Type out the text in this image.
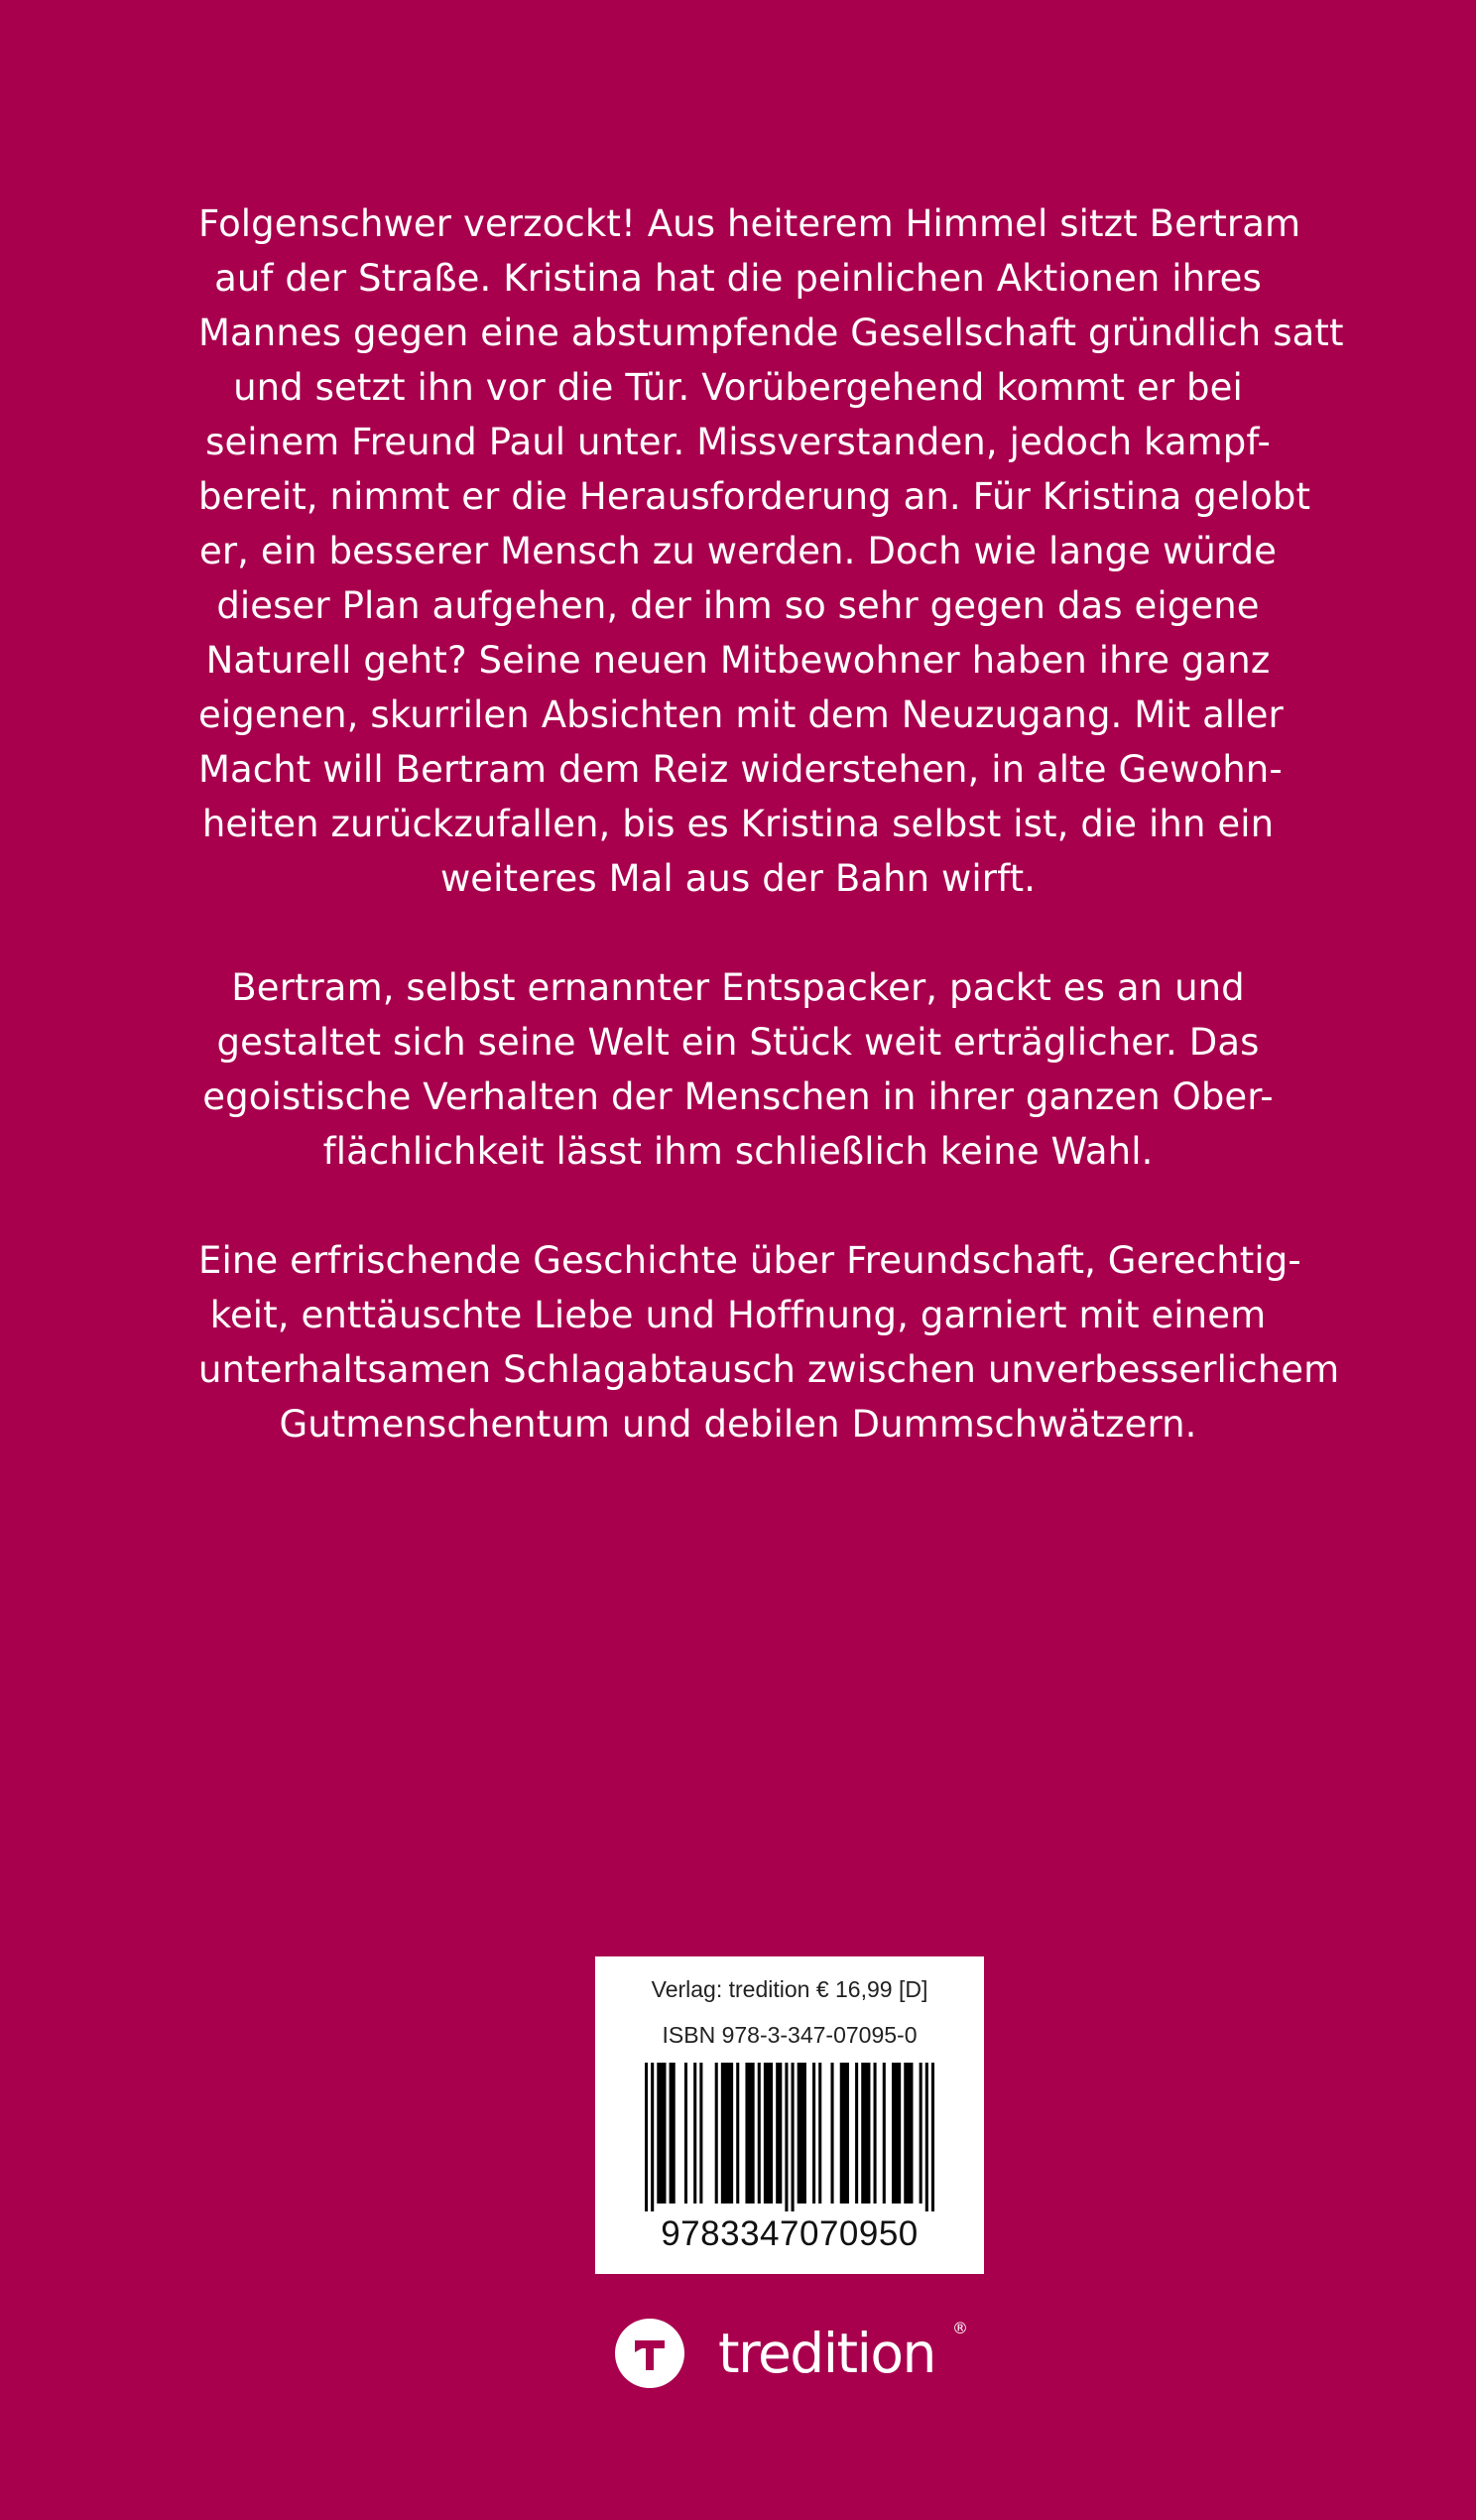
Folgenschwer verzockt! Aus heiterem Himmel sitzt Bertram
auf der Straße. Kristina hat die peinlichen Aktionen ihres
Mannes gegen eine abstumpfende Gesellschaft gründlich satt
und setzt ihn vor die Tür. Vorübergehend kommt er bei
seinem Freund Paul unter. Missverstanden, jedoch kampf-
bereit, nimmt er die Herausforderung an. Für Kristina gelobt
er, ein besserer Mensch zu werden. Doch wie lange würde
dieser Plan aufgehen, der ihm so sehr gegen das eigene
Naturell geht? Seine neuen Mitbewohner haben ihre ganz
eigenen, skurrilen Absichten mit dem Neuzugang. Mit aller
Macht will Bertram dem Reiz widerstehen, in alte Gewohn-
heiten zurückzufallen, bis es Kristina selbst ist, die ihn ein
weiteres Mal aus der Bahn wirft.
Bertram, selbst ernannter Entspacker, packt es an und
gestaltet sich seine Welt ein Stück weit erträglicher. Das
egoistische Verhalten der Menschen in ihrer ganzen Ober-
flächlichkeit lässt ihm schließlich keine Wahl.
Eine erfrischende Geschichte über Freundschaft, Gerechtig-
keit, enttäuschte Liebe und Hoffnung, garniert mit einem
unterhaltsamen Schlagabtausch zwischen unverbesserlichem
Gutmenschentum und debilen Dummschwätzern.
Verlag: tredition € 16,99 [D]
ISBN 978-3-347-07095-0
9783347070950
tredition ®
